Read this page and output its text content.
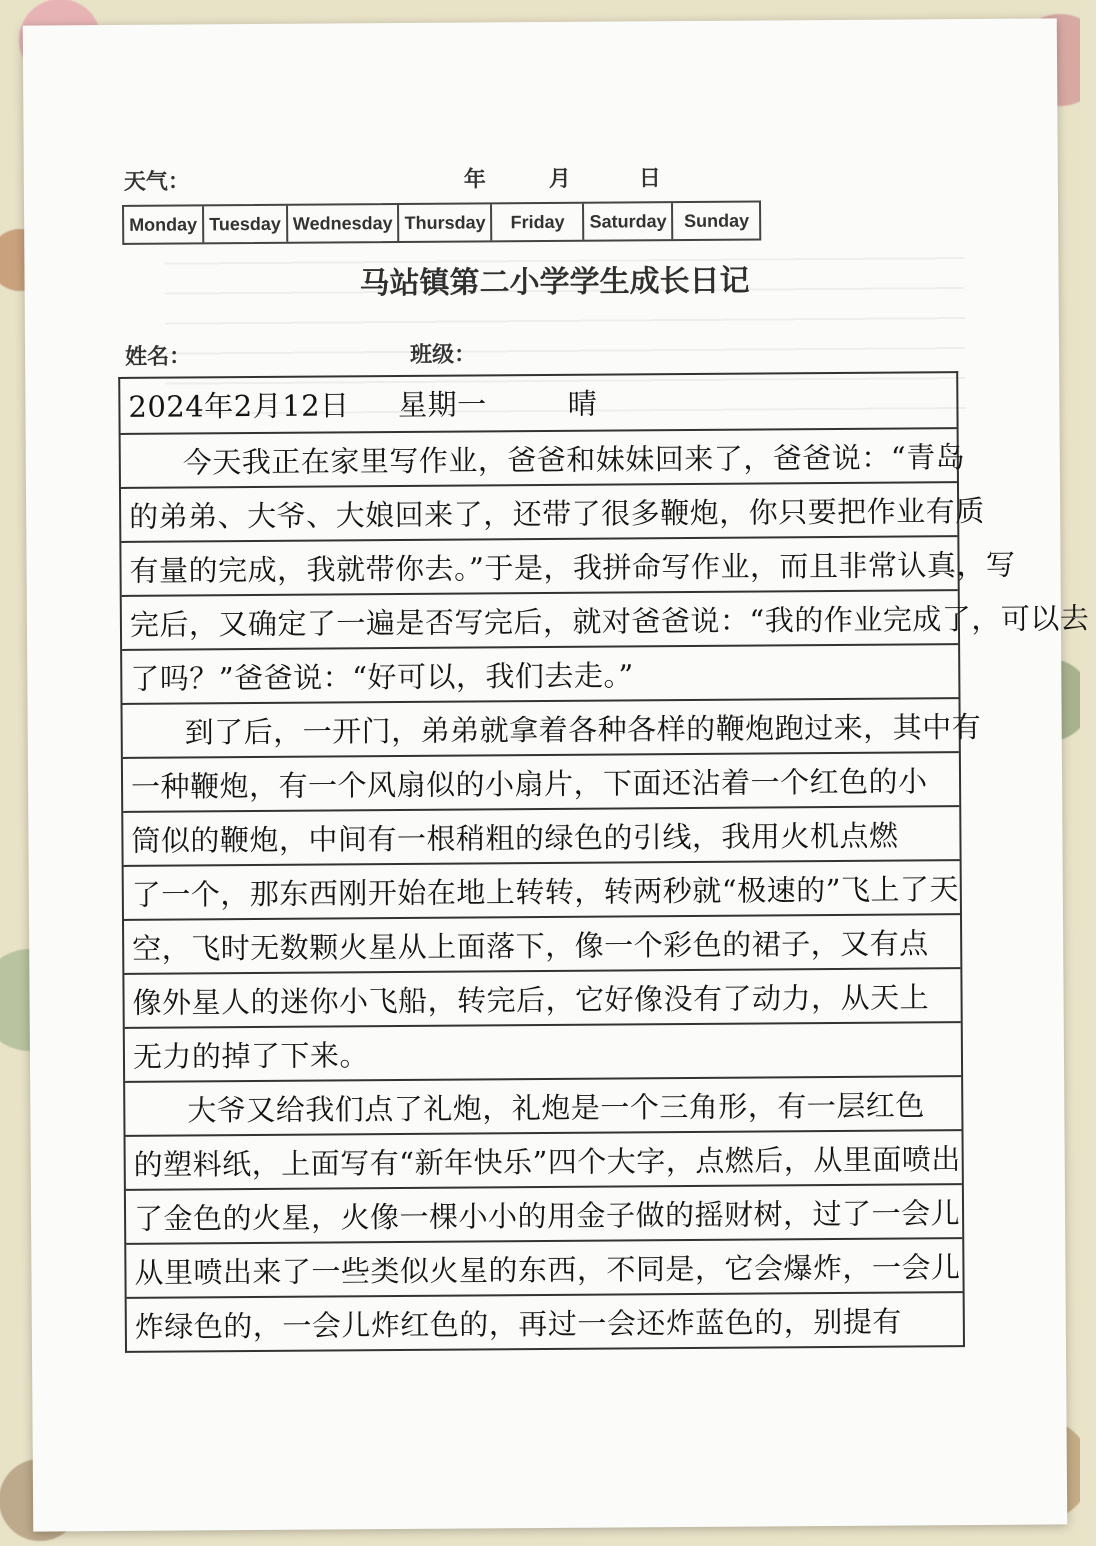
天气：	年	月	日
Monday Tuesday Wednesday Thursday	Friday	Saturday Sunday
马站镇第二小学学生成长日记
姓名：	班级：
2024年2月12日 星期一	晴
今天我正在家里写作业，爸爸和妹妹回来了，爸爸说：“青岛
的弟弟、大爷、大娘回来了，还带了很多鞭炮，你只要把作业有质
有量的完成，我就带你去。”于是，我拼命写作业，而且非常认真，写
完后，又确定了一遍是否写完后，就对爸爸说：“我的作业完成了，可以去
了吗？”爸爸说：“好可以，我们去走。”
到了后，一开门，弟弟就拿着各种各样的鞭炮跑过来，其中有
一种鞭炮，有一个风扇似的小扇片，下面还沾着一个红色的小
筒似的鞭炮，中间有一根稍粗的绿色的引线，我用火机点燃
了一个，那东西刚开始在地上转转，转两秒就“极速的”飞上了天
空，飞时无数颗火星从上面落下，像一个彩色的裙子，又有点
像外星人的迷你小飞船，转完后，它好像没有了动力，从天上
无力的掉了下来。
大爷又给我们点了礼炮，礼炮是一个三角形，有一层红色
的塑料纸，上面写有“新年快乐”四个大字，点燃后，从里面喷出
了金色的火星，火像一棵小小的用金子做的摇财树，过了一会儿
从里喷出来了一些类似火星的东西，不同是，它会爆炸，一会儿
炸绿色的，一会儿炸红色的，再过一会还炸蓝色的，别提有
